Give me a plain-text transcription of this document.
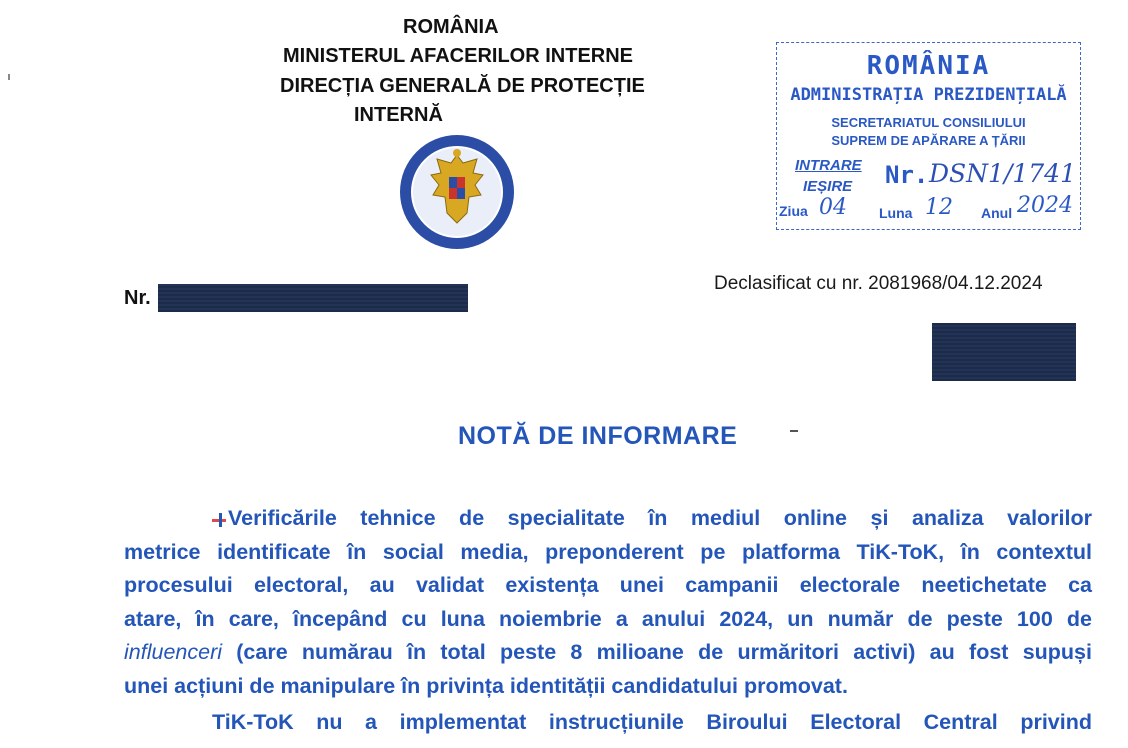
ROMÂNIA
MINISTERUL AFACERILOR INTERNE
DIRECȚIA GENERALĂ DE PROTECȚIE
INTERNĂ
ROMÂNIA
ADMINISTRAȚIA PREZIDENȚIALĂ
SECRETARIATUL CONSILIULUI
SUPREM DE APĂRARE A ȚĂRII
INTRARE
IEȘIRE Nr. DSN1/1741
Ziua 04 Luna 12 Anul 2024
Nr.
Declasificat cu nr. 2081968/04.12.2024
NOTĂ DE INFORMARE
Verificările tehnice de specialitate în mediul online și analiza valorilor
metrice identificate în social media, preponderent pe platforma TiK-ToK, în contextul
procesului electoral, au validat existența unei campanii electorale neetichetate ca
atare, în care, începând cu luna noiembrie a anului 2024, un număr de peste 100 de
influenceri (care numărau în total peste 8 milioane de urmăritori activi) au fost supuși
unei acțiuni de manipulare în privința identității candidatului promovat.
TiK-ToK nu a implementat instrucțiunile Biroului Electoral Central privind
